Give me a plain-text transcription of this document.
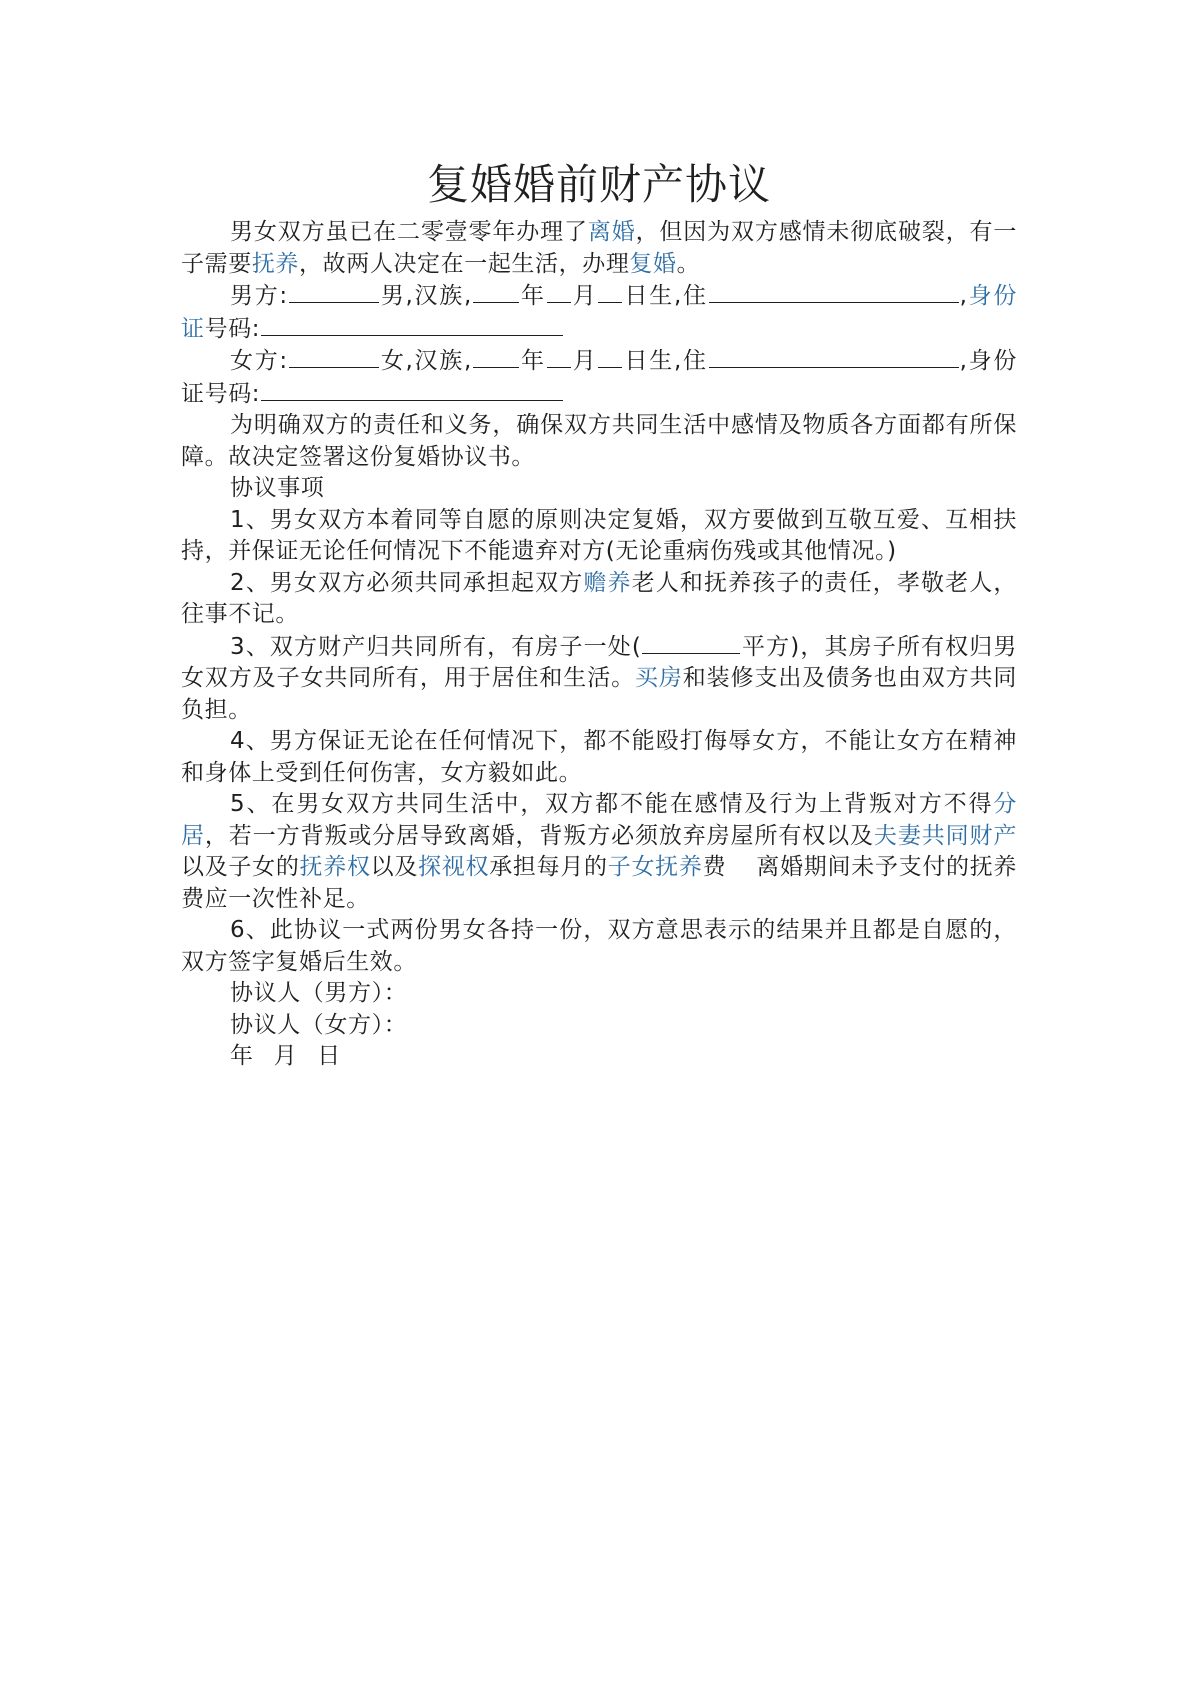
复婚婚前财产协议

男女双方虽已在二零壹零年办理了离婚，但因为双方感情未彻底破裂，有一子需要抚养，故两人决定在一起生活，办理复婚。

男方:	男,汉族, 年 月 日生,住	,身份证号码:

女方:	女,汉族, 年 月 日生,住	,身份证号码:

为明确双方的责任和义务，确保双方共同生活中感情及物质各方面都有所保障。故决定签署这份复婚协议书。

协议事项

1、男女双方本着同等自愿的原则决定复婚，双方要做到互敬互爱、互相扶持，并保证无论任何情况下不能遗弃对方(无论重病伤残或其他情况。)

2、男女双方必须共同承担起双方赡养老人和抚养孩子的责任，孝敬老人，往事不记。

3、双方财产归共同所有，有房子一处(	平方)，其房子所有权归男女双方及子女共同所有，用于居住和生活。买房和装修支出及债务也由双方共同负担。

4、男方保证无论在任何情况下，都不能殴打侮辱女方，不能让女方在精神和身体上受到任何伤害，女方毅如此。

5、在男女双方共同生活中，双方都不能在感情及行为上背叛对方不得分居，若一方背叛或分居导致离婚，背叛方必须放弃房屋所有权以及夫妻共同财产以及子女的抚养权以及探视权承担每月的子女抚养费 离婚期间未予支付的抚养费应一次性补足。

6、此协议一式两份男女各持一份，双方意思表示的结果并且都是自愿的，双方签字复婚后生效。

协议人（男方）：

协议人（女方）：

年 月 日
